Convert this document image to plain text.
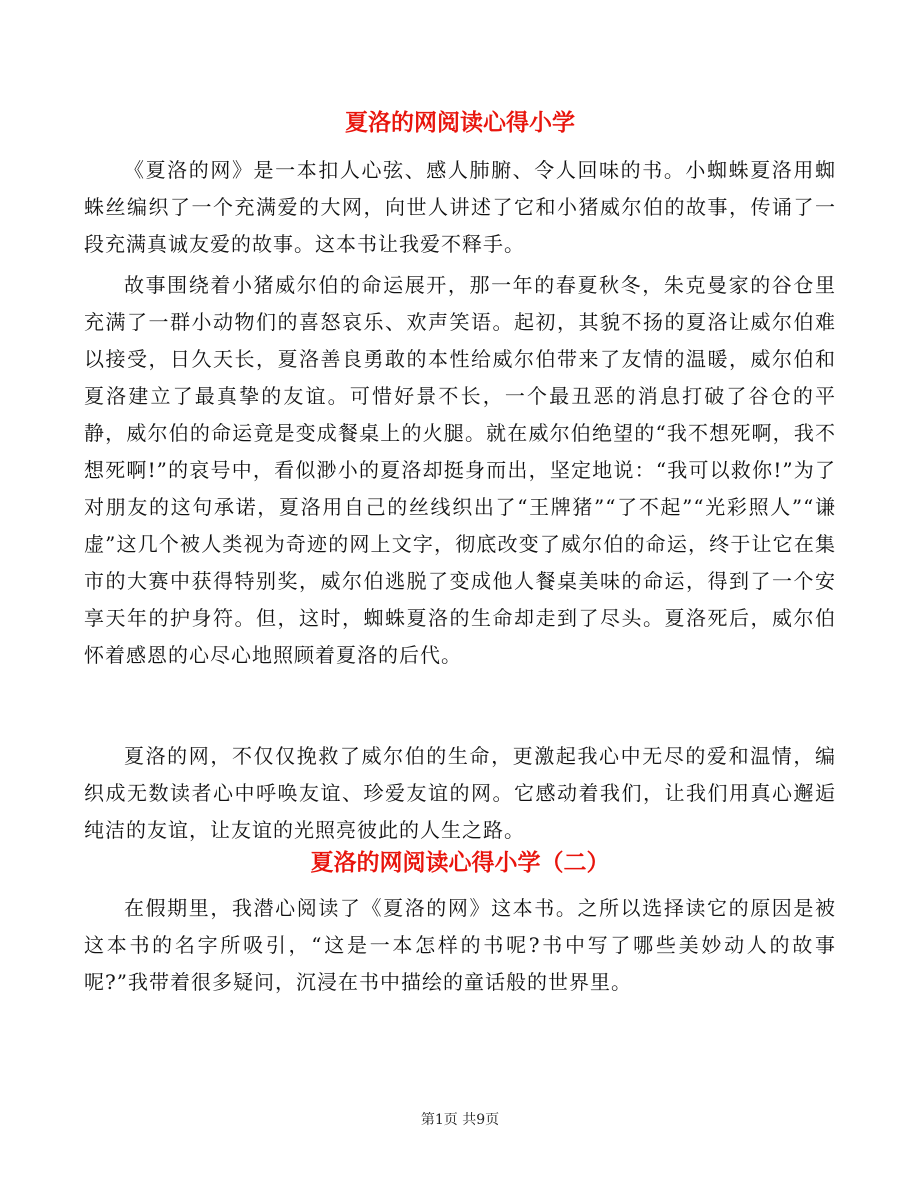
夏洛的网阅读心得小学

《夏洛的网》是一本扣人心弦、感人肺腑、令人回味的书。小蜘蛛夏洛用蜘蛛丝编织了一个充满爱的大网，向世人讲述了它和小猪威尔伯的故事，传诵了一段充满真诚友爱的故事。这本书让我爱不释手。

故事围绕着小猪威尔伯的命运展开，那一年的春夏秋冬，朱克曼家的谷仓里充满了一群小动物们的喜怒哀乐、欢声笑语。起初，其貌不扬的夏洛让威尔伯难以接受，日久天长，夏洛善良勇敢的本性给威尔伯带来了友情的温暖，威尔伯和夏洛建立了最真挚的友谊。可惜好景不长，一个最丑恶的消息打破了谷仓的平静，威尔伯的命运竟是变成餐桌上的火腿。就在威尔伯绝望的“我不想死啊，我不想死啊!”的哀号中，看似渺小的夏洛却挺身而出，坚定地说：“我可以救你!”为了对朋友的这句承诺，夏洛用自己的丝线织出了“王牌猪”“了不起”“光彩照人”“谦虚”这几个被人类视为奇迹的网上文字，彻底改变了威尔伯的命运，终于让它在集市的大赛中获得特别奖，威尔伯逃脱了变成他人餐桌美味的命运，得到了一个安享天年的护身符。但，这时，蜘蛛夏洛的生命却走到了尽头。夏洛死后，威尔伯怀着感恩的心尽心地照顾着夏洛的后代。

夏洛的网，不仅仅挽救了威尔伯的生命，更激起我心中无尽的爱和温情，编织成无数读者心中呼唤友谊、珍爱友谊的网。它感动着我们，让我们用真心邂逅纯洁的友谊，让友谊的光照亮彼此的人生之路。

夏洛的网阅读心得小学（二）

在假期里，我潜心阅读了《夏洛的网》这本书。之所以选择读它的原因是被这本书的名字所吸引，“这是一本怎样的书呢?书中写了哪些美妙动人的故事呢?”我带着很多疑问，沉浸在书中描绘的童话般的世界里。

第1页 共9页
